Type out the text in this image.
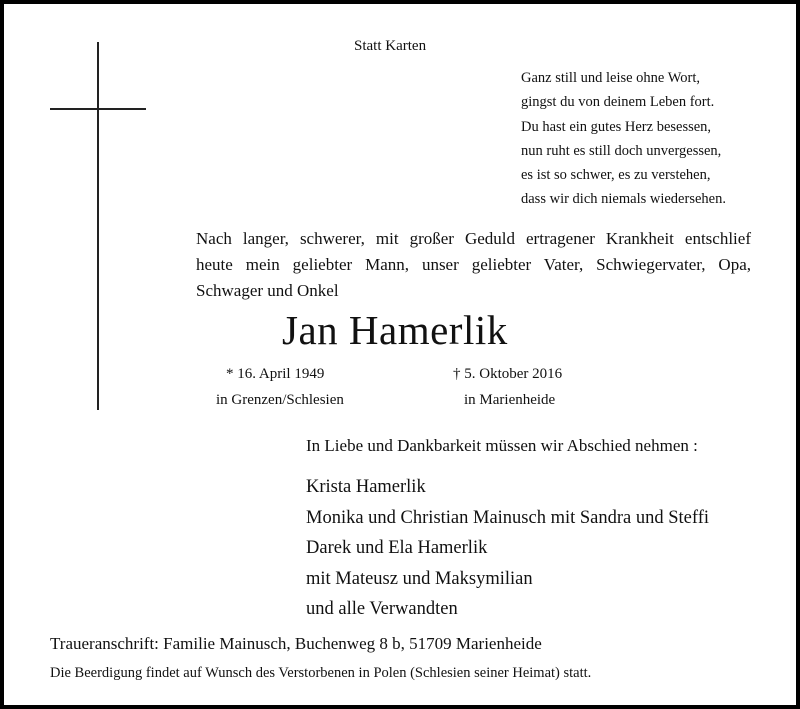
Statt Karten
Ganz still und leise ohne Wort,
gingst du von deinem Leben fort.
Du hast ein gutes Herz besessen,
nun ruht es still doch unvergessen,
es ist so schwer, es zu verstehen,
dass wir dich niemals wiedersehen.
Nach langer, schwerer, mit großer Geduld ertragener Krankheit entschlief
heute mein geliebter Mann, unser geliebter Vater, Schwiegervater, Opa,
Schwager und Onkel
Jan Hamerlik
* 16. April 1949
in Grenzen/Schlesien
† 5. Oktober 2016
in Marienheide
In Liebe und Dankbarkeit müssen wir Abschied nehmen :
Krista Hamerlik
Monika und Christian Mainusch mit Sandra und Steffi
Darek und Ela Hamerlik
mit Mateusz und Maksymilian
und alle Verwandten
Traueranschrift: Familie Mainusch, Buchenweg 8 b, 51709 Marienheide
Die Beerdigung findet auf Wunsch des Verstorbenen in Polen (Schlesien seiner Heimat) statt.
